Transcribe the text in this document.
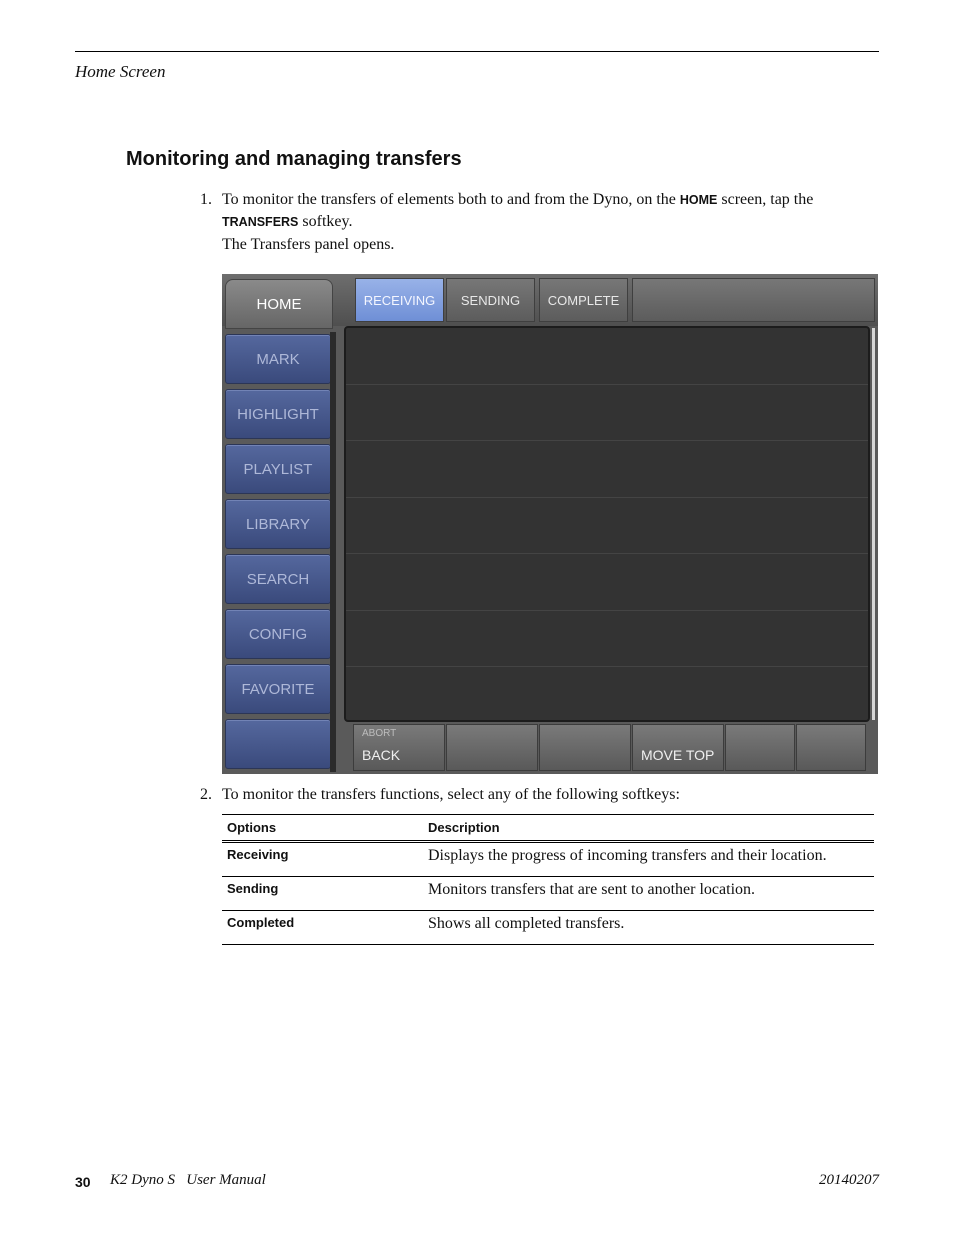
Home Screen
Monitoring and managing transfers
1. To monitor the transfers of elements both to and from the Dyno, on the HOME screen, tap the
TRANSFERS softkey.
The Transfers panel opens.
HOME	RECEIVING	SENDING	COMPLETE
MARK
HIGHLIGHT
PLAYLIST
LIBRARY
SEARCH
CONFIG
FAVORITE
ABORT
BACK	MOVE TOP
2. To monitor the transfers functions, select any of the following softkeys:
Options	Description
Receiving	Displays the progress of incoming transfers and their location.
Sending	Monitors transfers that are sent to another location.
Completed	Shows all completed transfers.
30 K2 Dyno S   User Manual	20140207
